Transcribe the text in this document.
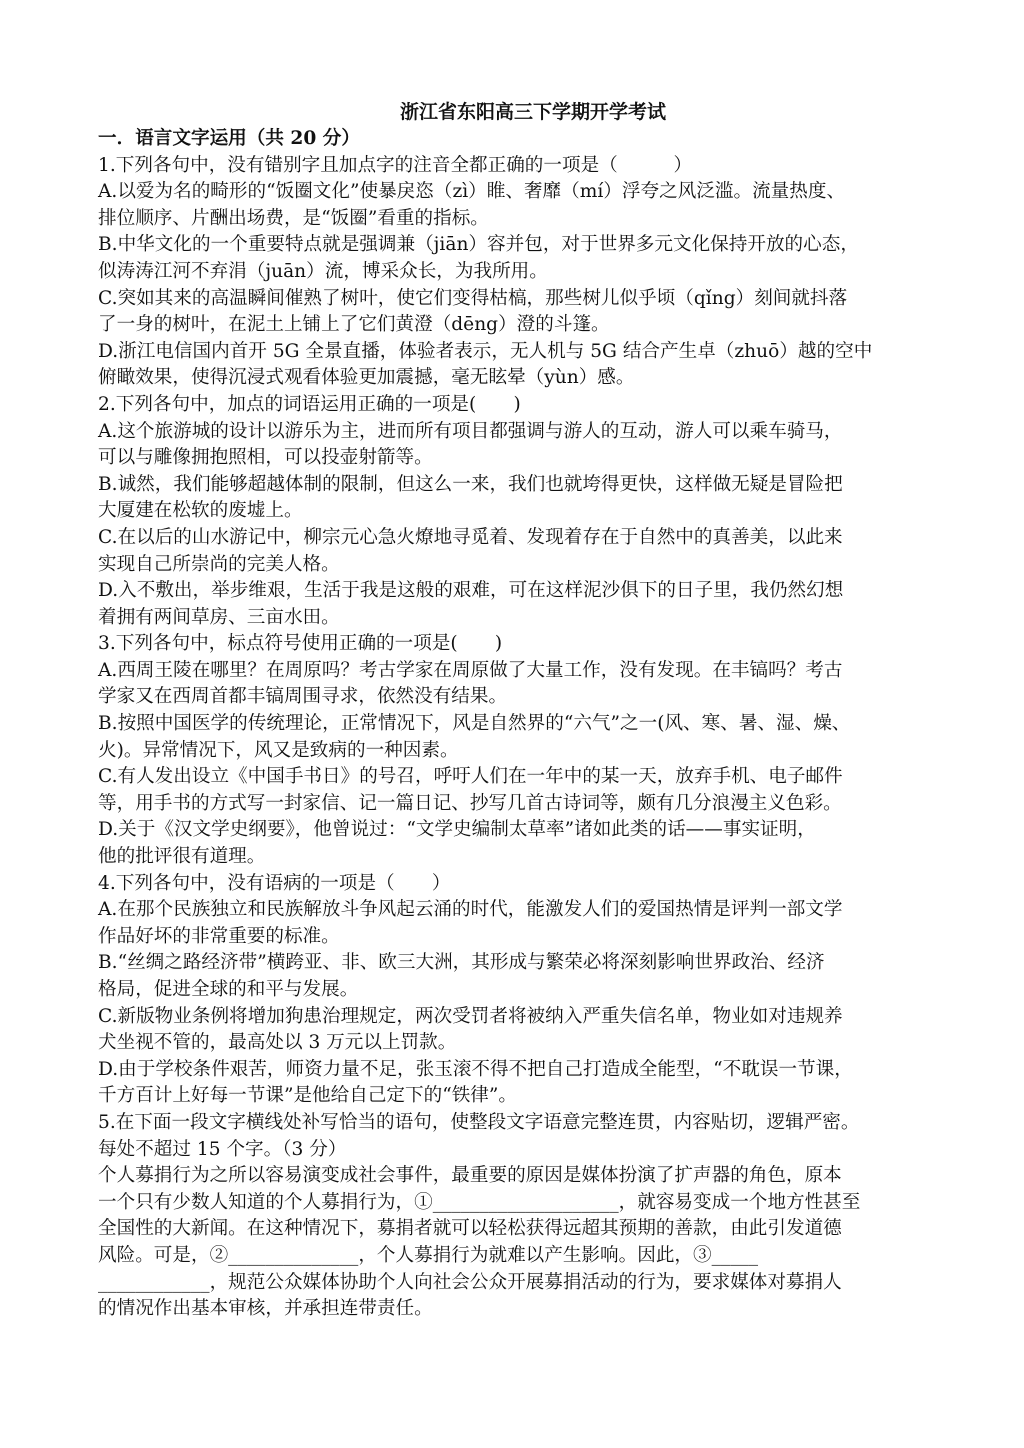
浙江省东阳高三下学期开学考试
一．语言文字运用（共 20 分）
1.下列各句中，没有错别字且加点字的注音全都正确的一项是（　　　）
A.以爱为名的畸形的“饭圈文化”使暴戾恣（zì）睢、奢靡（mí）浮夸之风泛滥。流量热度、
排位顺序、片酬出场费，是“饭圈”看重的指标。
B.中华文化的一个重要特点就是强调兼（jiān）容并包，对于世界多元文化保持开放的心态，
似涛涛江河不弃涓（juān）流，博采众长，为我所用。
C.突如其来的高温瞬间催熟了树叶，使它们变得枯槁，那些树儿似乎顷（qǐng）刻间就抖落
了一身的树叶，在泥土上铺上了它们黄澄（dēng）澄的斗篷。
D.浙江电信国内首开 5G 全景直播，体验者表示，无人机与 5G 结合产生卓（zhuō）越的空中
俯瞰效果，使得沉浸式观看体验更加震撼，毫无眩晕（yùn）感。
2.下列各句中，加点的词语运用正确的一项是(　　)
A.这个旅游城的设计以游乐为主，进而所有项目都强调与游人的互动，游人可以乘车骑马，
可以与雕像拥抱照相，可以投壶射箭等。
B.诚然，我们能够超越体制的限制，但这么一来，我们也就垮得更快，这样做无疑是冒险把
大厦建在松软的废墟上。
C.在以后的山水游记中，柳宗元心急火燎地寻觅着、发现着存在于自然中的真善美，以此来
实现自己所崇尚的完美人格。
D.入不敷出，举步维艰，生活于我是这般的艰难，可在这样泥沙俱下的日子里，我仍然幻想
着拥有两间草房、三亩水田。
3.下列各句中，标点符号使用正确的一项是(　　)
A.西周王陵在哪里？在周原吗？考古学家在周原做了大量工作，没有发现。在丰镐吗？考古
学家又在西周首都丰镐周围寻求，依然没有结果。
B.按照中国医学的传统理论，正常情况下，风是自然界的“六气”之一(风、寒、暑、湿、燥、
火)。异常情况下，风又是致病的一种因素。
C.有人发出设立《中国手书日》的号召，呼吁人们在一年中的某一天，放弃手机、电子邮件
等，用手书的方式写一封家信、记一篇日记、抄写几首古诗词等，颇有几分浪漫主义色彩。
D.关于《汉文学史纲要》，他曾说过：“文学史编制太草率”诸如此类的话——事实证明，
他的批评很有道理。
4.下列各句中，没有语病的一项是（　　）
A.在那个民族独立和民族解放斗争风起云涌的时代，能激发人们的爱国热情是评判一部文学
作品好坏的非常重要的标准。
B.“丝绸之路经济带”横跨亚、非、欧三大洲，其形成与繁荣必将深刻影响世界政治、经济
格局，促进全球的和平与发展。
C.新版物业条例将增加狗患治理规定，两次受罚者将被纳入严重失信名单，物业如对违规养
犬坐视不管的，最高处以 3 万元以上罚款。
D.由于学校条件艰苦，师资力量不足，张玉滚不得不把自己打造成全能型，“不耽误一节课，
千方百计上好每一节课”是他给自己定下的“铁律”。
5.在下面一段文字横线处补写恰当的语句，使整段文字语意完整连贯，内容贴切，逻辑严密。
每处不超过 15 个字。（3 分）
个人募捐行为之所以容易演变成社会事件，最重要的原因是媒体扮演了扩声器的角色，原本
一个只有少数人知道的个人募捐行为，①____________________，就容易变成一个地方性甚至
全国性的大新闻。在这种情况下，募捐者就可以轻松获得远超其预期的善款，由此引发道德
风险。可是，②______________，个人募捐行为就难以产生影响。因此，③_____
____________，规范公众媒体协助个人向社会公众开展募捐活动的行为，要求媒体对募捐人
的情况作出基本审核，并承担连带责任。
